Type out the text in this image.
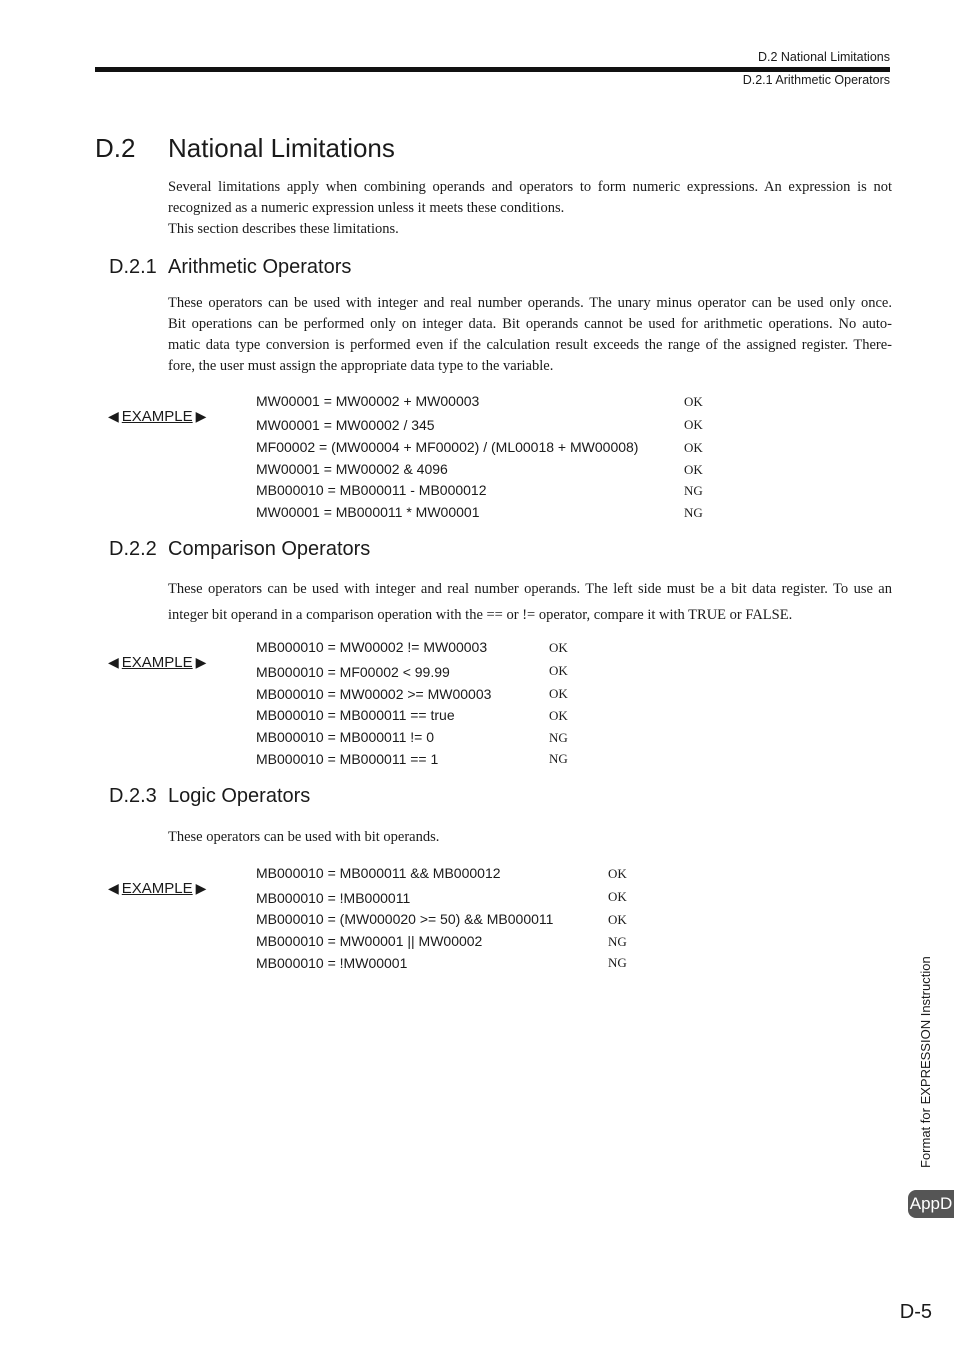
D.2 National Limitations
D.2.1 Arithmetic Operators
D.2 National Limitations
Several limitations apply when combining operands and operators to form numeric expressions. An expression is not
recognized as a numeric expression unless it meets these conditions.
This section describes these limitations.
D.2.1 Arithmetic Operators
These operators can be used with integer and real number operands. The unary minus operator can be used only once.
Bit operations can be performed only on integer data. Bit operands cannot be used for arithmetic operations. No auto-
matic data type conversion is performed even if the calculation result exceeds the range of the assigned register. There-
fore, the user must assign the appropriate data type to the variable.
◀ EXAMPLE ▶
MW00001 = MW00002 + MW00003	OK
MW00001 = MW00002 / 345	OK
MF00002 = (MW00004 + MF00002) / (ML00018 + MW00008)	OK
MW00001 = MW00002 & 4096	OK
MB000010 = MB000011 - MB000012	NG
MW00001 = MB000011 * MW00001	NG
D.2.2 Comparison Operators
These operators can be used with integer and real number operands. The left side must be a bit data register. To use an
integer bit operand in a comparison operation with the == or != operator, compare it with TRUE or FALSE.
◀ EXAMPLE ▶
MB000010 = MW00002 != MW00003	OK
MB000010 = MF00002 < 99.99	OK
MB000010 = MW00002 >= MW00003	OK
MB000010 = MB000011 == true	OK
MB000010 = MB000011 != 0	NG
MB000010 = MB000011 == 1	NG
D.2.3 Logic Operators
These operators can be used with bit operands.
◀ EXAMPLE ▶
MB000010 = MB000011 && MB000012	OK
MB000010 = !MB000011	OK
MB000010 = (MW000020 >= 50) && MB000011	OK
MB000010 = MW00001 || MW00002	NG
MB000010 = !MW00001	NG	Format for EXPRESSION Instruction
AppD
D-5
